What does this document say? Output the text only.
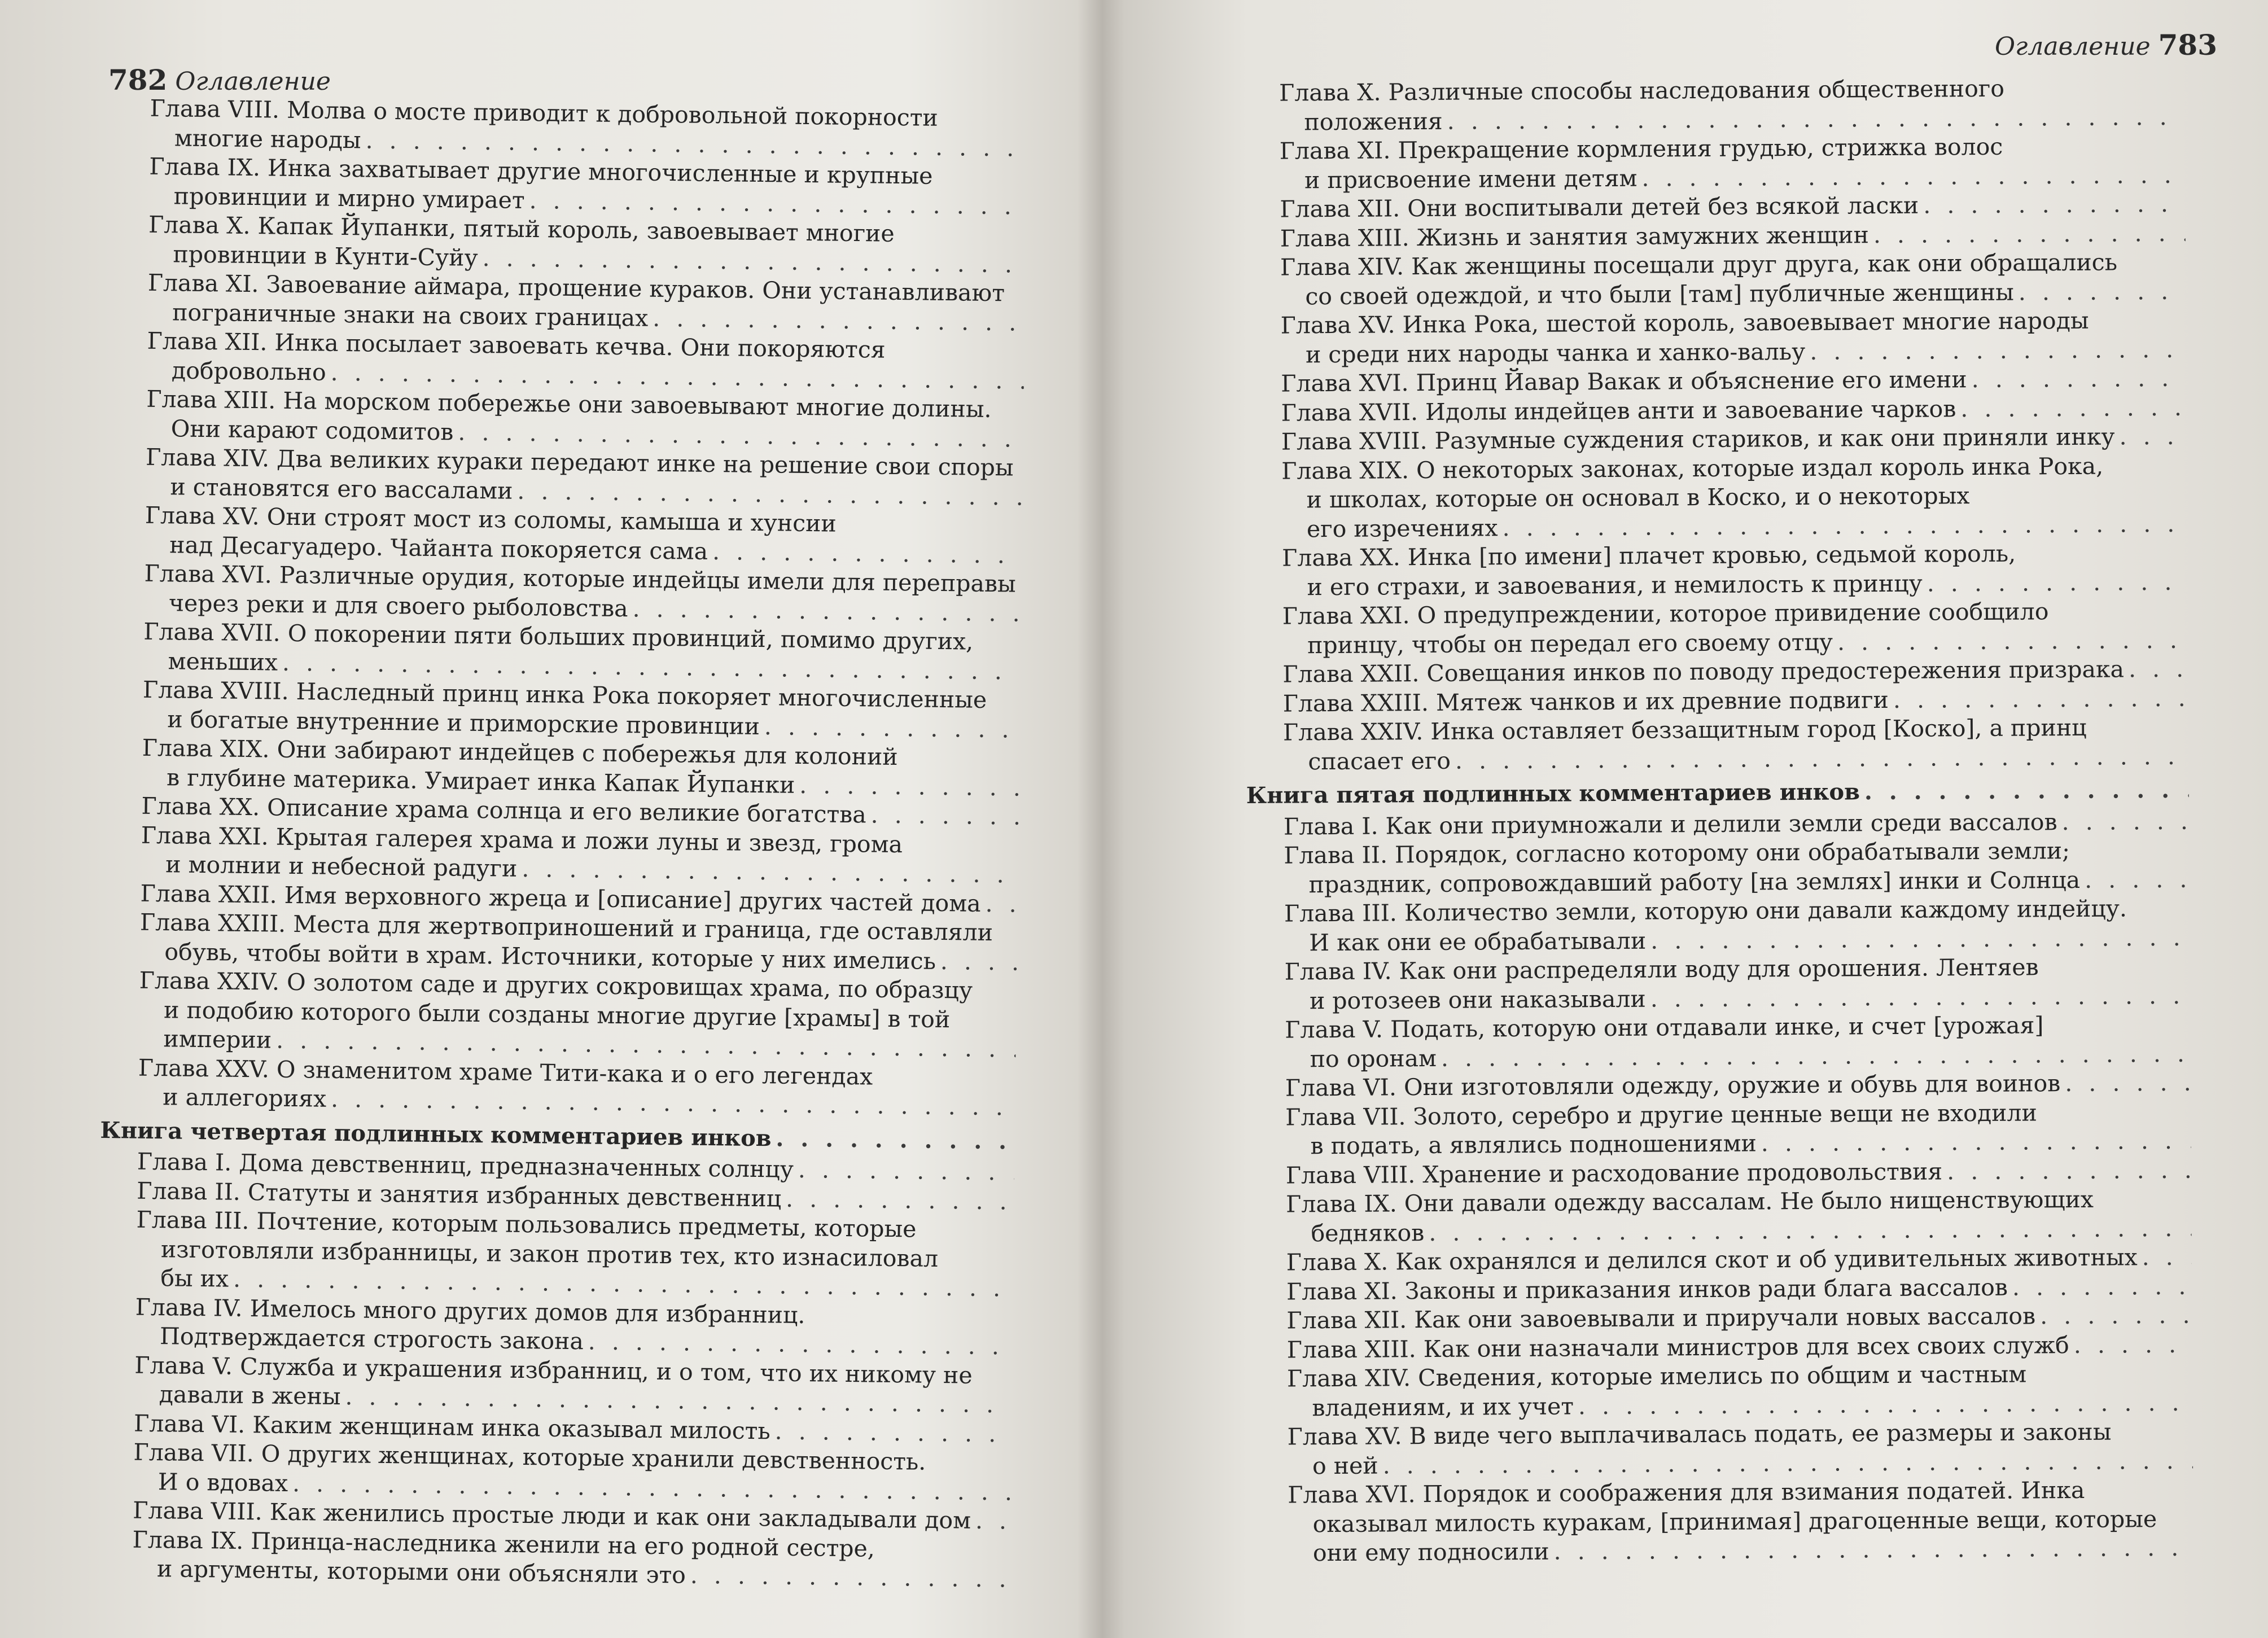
782 Оглавление
Глава VIII. Молва о мосте приводит к добровольной покорности
многие народы . . .
Глава IX. Инка захватывает другие многочисленные и крупные
провинции и мирно умирает . . .
Глава X. Капак Йупанки, пятый король, завоевывает многие
провинции в Кунти-Суйу . . .
Глава XI. Завоевание аймара, прощение кураков. Они устанавливают
пограничные знаки на своих границах . . .
Глава XII. Инка посылает завоевать кечва. Они покоряются
добровольно . . .
Глава XIII. На морском побережье они завоевывают многие долины.
Они карают содомитов . . .
Глава XIV. Два великих кураки передают инке на решение свои споры
и становятся его вассалами . . .
Глава XV. Они строят мост из соломы, камыша и хунсии
над Десагуадеро. Чайанта покоряется сама . . .
Глава XVI. Различные орудия, которые индейцы имели для переправы
через реки и для своего рыболовства . . .
Глава XVII. О покорении пяти больших провинций, помимо других,
меньших . . .
Глава XVIII. Наследный принц инка Рока покоряет многочисленные
и богатые внутренние и приморские провинции . . .
Глава XIX. Они забирают индейцев с побережья для колоний
в глубине материка. Умирает инка Капак Йупанки . . .
Глава XX. Описание храма солнца и его великие богатства . . .
Глава XXI. Крытая галерея храма и ложи луны и звезд, грома
и молнии и небесной радуги . . .
Глава XXII. Имя верховного жреца и [описание] других частей дома . . .
Глава XXIII. Места для жертвоприношений и граница, где оставляли
обувь, чтобы войти в храм. Источники, которые у них имелись . . .
Глава XXIV. О золотом саде и других сокровищах храма, по образцу
и подобию которого были созданы многие другие [храмы] в той
империи . . .
Глава XXV. О знаменитом храме Тити-кака и о его легендах
и аллегориях . . .
Книга четвертая подлинных комментариев инков . . .
Глава I. Дома девственниц, предназначенных солнцу . . .
Глава II. Статуты и занятия избранных девственниц . . .
Глава III. Почтение, которым пользовались предметы, которые
изготовляли избранницы, и закон против тех, кто изнасиловал
бы их . . .
Глава IV. Имелось много других домов для избранниц.
Подтверждается строгость закона . . .
Глава V. Служба и украшения избранниц, и о том, что их никому не
давали в жены . . .
Глава VI. Каким женщинам инка оказывал милость . . .
Глава VII. О других женщинах, которые хранили девственность.
И о вдовах . . .
Глава VIII. Как женились простые люди и как они закладывали дом . . .
Глава IX. Принца-наследника женили на его родной сестре,
и аргументы, которыми они объясняли это . . .
Оглавление 783
Глава X. Различные способы наследования общественного
положения . . .
Глава XI. Прекращение кормления грудью, стрижка волос
и присвоение имени детям . . .
Глава XII. Они воспитывали детей без всякой ласки . . .
Глава XIII. Жизнь и занятия замужних женщин . . .
Глава XIV. Как женщины посещали друг друга, как они обращались
со своей одеждой, и что были [там] публичные женщины . . .
Глава XV. Инка Рока, шестой король, завоевывает многие народы
и среди них народы чанка и ханко-вальу . . .
Глава XVI. Принц Йавар Вакак и объяснение его имени . . .
Глава XVII. Идолы индейцев анти и завоевание чарков . . .
Глава XVIII. Разумные суждения стариков, и как они приняли инку . . .
Глава XIX. О некоторых законах, которые издал король инка Рока,
и школах, которые он основал в Коско, и о некоторых
его изречениях . . .
Глава XX. Инка [по имени] плачет кровью, седьмой король,
и его страхи, и завоевания, и немилость к принцу . . .
Глава XXI. О предупреждении, которое привидение сообщило
принцу, чтобы он передал его своему отцу . . .
Глава XXII. Совещания инков по поводу предостережения призрака . . .
Глава XXIII. Мятеж чанков и их древние подвиги . . .
Глава XXIV. Инка оставляет беззащитным город [Коско], а принц
спасает его . . .
Книга пятая подлинных комментариев инков . . .
Глава I. Как они приумножали и делили земли среди вассалов . . .
Глава II. Порядок, согласно которому они обрабатывали земли;
праздник, сопровождавший работу [на землях] инки и Солнца . . .
Глава III. Количество земли, которую они давали каждому индейцу.
И как они ее обрабатывали . . .
Глава IV. Как они распределяли воду для орошения. Лентяев
и ротозеев они наказывали . . .
Глава V. Подать, которую они отдавали инке, и счет [урожая]
по оронам . . .
Глава VI. Они изготовляли одежду, оружие и обувь для воинов . . .
Глава VII. Золото, серебро и другие ценные вещи не входили
в подать, а являлись подношениями . . .
Глава VIII. Хранение и расходование продовольствия . . .
Глава IX. Они давали одежду вассалам. Не было нищенствующих
бедняков . . .
Глава X. Как охранялся и делился скот и об удивительных животных . . .
Глава XI. Законы и приказания инков ради блага вассалов . . .
Глава XII. Как они завоевывали и приручали новых вассалов . . .
Глава XIII. Как они назначали министров для всех своих служб . . .
Глава XIV. Сведения, которые имелись по общим и частным
владениям, и их учет . . .
Глава XV. В виде чего выплачивалась подать, ее размеры и законы
о ней . . .
Глава XVI. Порядок и соображения для взимания податей. Инка
оказывал милость куракам, [принимая] драгоценные вещи, которые
они ему подносили . . .
